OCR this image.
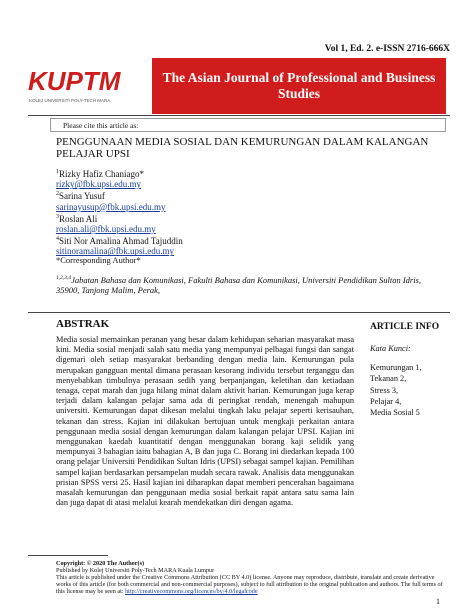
Vol 1, Ed. 2. e-ISSN 2716-666X
KUPTM
KOLEJ UNIVERSITI POLY-TECH MARA
The Asian Journal of Professional and Business Studies
Please cite this article as:
PENGGUNAAN MEDIA SOSIAL DAN KEMURUNGAN DALAM KALANGAN PELAJAR UPSI
$^1$Rizky Hafiz Chaniago*
rizky@fbk.upsi.edu.my
$^2$Sarina Yusuf
sarinayusup@fbk.upsi.edu.my
$^3$Roslan Ali
roslan.ali@fbk.upsi.edu.my
$^4$Siti Nor Amalina Ahmad Tajuddin
sitinoramalina@fbk.upsi.edu.my
*Corresponding Author*
$^{1,2,3,4}$Jabatan Bahasa dan Komunikasi, Fakulti Bahasa dan Komunikasi, Universiti Pendidikan Sultan Idris, 35900, Tanjong Malim, Perak,
ABSTRAK
Media sosial memainkan peranan yang besar dalam kehidupan seharian masyarakat masa kini. Media sosial menjadi salah satu media yang mempunyai pelbagai fungsi dan sangat digemari oleh setiap masyarakat berbanding dengan media lain. Kemurungan pula merupakan gangguan mental dimana perasaan kesorang individu tersebut terganggu dan menyebabkan timbulnya perasaan sedih yang berpanjangan, keletihan dan ketiadaan tenaga, cepat marah dan juga hilang minat dalam aktivit harian. Kemurungan juga kerap terjadi dalam kalangan pelajar sama ada di peringkat rendah, menengah mahupun universiti. Kemurungan dapat dikesan melalui tingkah laku pelajar seperti kerisauhan, tekanan dan stress. Kajian ini dilakukan bertujuan untuk mengkaji perkaitan antara penggunaan media sosial dengan kemurungan dalam kalangan pelajar UPSI. Kajian ini menggunakan kaedah kuantitatif dengan menggunakan borang kaji selidik yang mempunyai 3 bahagian iaitu bahagian A, B dan juga C. Borang ini diedarkan kepada 100 orang pelajar Universiti Pendidikan Sultan Idris (UPSI) sebagai sampel kajian. Pemilihan sampel kajian berdasarkan persampelan mudah secara rawak. Analisis data menggunakan prisian SPSS versi 25. Hasil kajian ini diharapkan dapat memberi pencerahan bagaimana masalah kemurungan dan penggunaan media sosial berkait rapat antara satu sama lain dan juga dapat di atasi melalui kearah mendekatkan diri dengan agama.
ARTICLE INFO
Kata Kunci:
Kemurungan 1,
Tekanan 2,
Stress 3,
Pelajar 4,
Media Sosial 5
Copyright: © 2020 The Author(s)
Published by Kolej Universiti Poly-Tech MARA Kuala Lumpur
This article is published under the Creative Commons Attribution (CC BY 4.0) license. Anyone may reproduce, distribute, translate and create derivative works of this article (for both commercial and non-commercial purposes), subject to full attribution to the original publication and authors. The full terms of this license may be seen at: http://creativecommons.org/licences/by/4.0/legalcode
1
